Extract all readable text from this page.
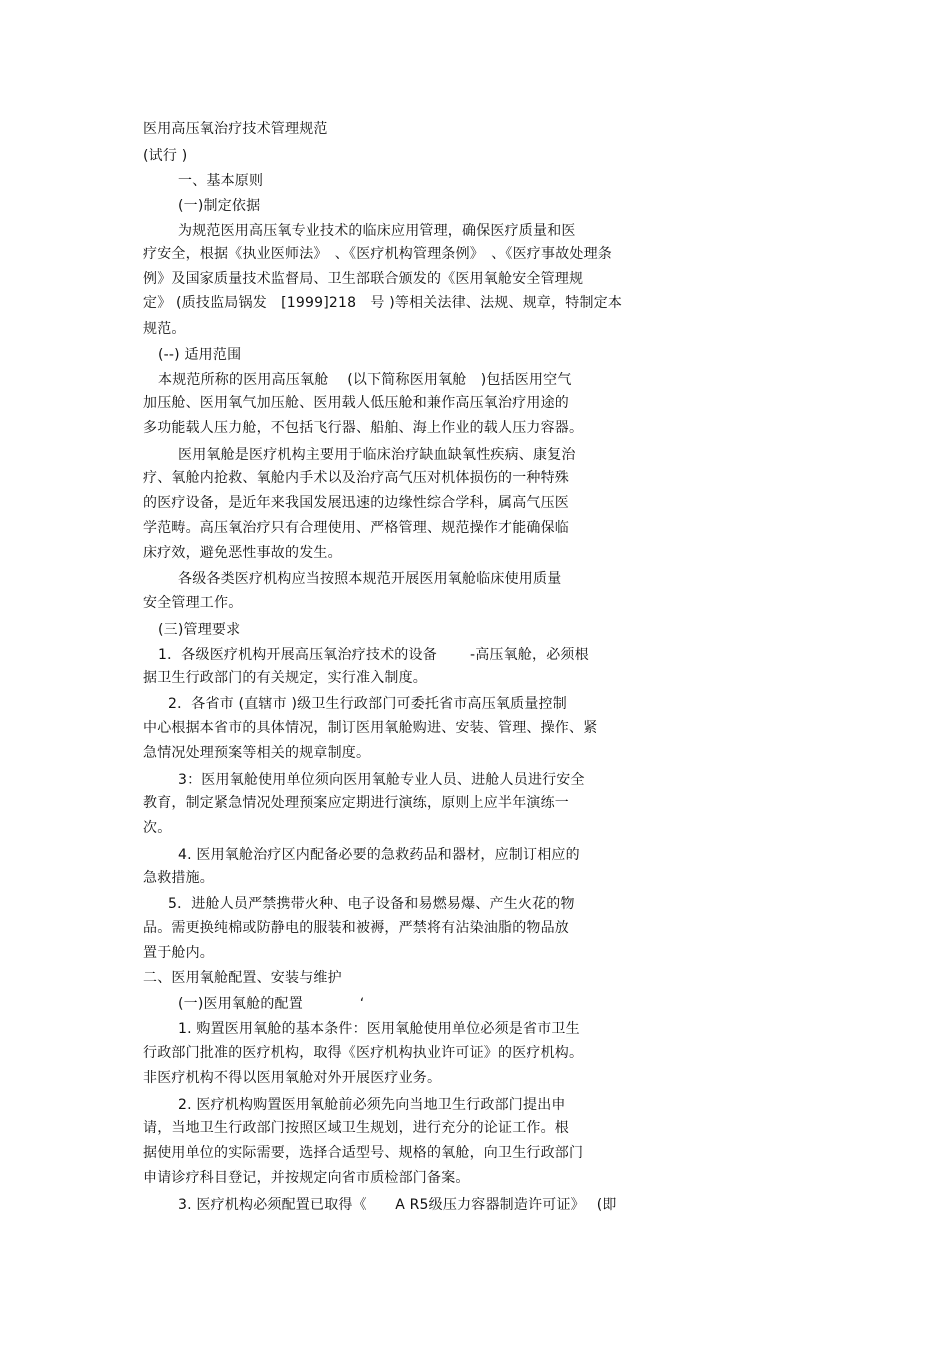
医用高压氧治疗技术管理规范
(试行 )
一、基本原则
(一)制定依据
为规范医用高压氧专业技术的临床应用管理，确保医疗质量和医
疗安全，根据《执业医师法》　、《医疗机构管理条例》　、《医疗事故处理条
例》及国家质量技术监督局、卫生部联合颁发的《医用氧舱安全管理规
定》 (质技监局锅发　[1999]218　号 )等相关法律、法规、规章，特制定本
规范。
(--) 适用范围
本规范所称的医用高压氧舱　 (以下简称医用氧舱　)包括医用空气
加压舱、医用氧气加压舱、医用载人低压舱和兼作高压氧治疗用途的
多功能载人压力舱，不包括飞行器、船舶、海上作业的载人压力容器。
医用氧舱是医疗机构主要用于临床治疗缺血缺氧性疾病、康复治
疗、氧舱内抢救、氧舱内手术以及治疗高气压对机体损伤的一种特殊
的医疗设备，是近年来我国发展迅速的边缘性综合学科，属高气压医
学范畴。高压氧治疗只有合理使用、严格管理、规范操作才能确保临
床疗效，避免恶性事故的发生。
各级各类医疗机构应当按照本规范开展医用氧舱临床使用质量
安全管理工作。
(三)管理要求
1．各级医疗机构开展高压氧治疗技术的设备　　 -高压氧舱，必须根
据卫生行政部门的有关规定，实行准入制度。
2．各省市 (直辖市 )级卫生行政部门可委托省市高压氧质量控制
中心根据本省市的具体情况，制订医用氧舱购进、安装、管理、操作、紧
急情况处理预案等相关的规章制度。
3：医用氧舱使用单位须向医用氧舱专业人员、进舱人员进行安全
教育，制定紧急情况处理预案应定期进行演练，原则上应半年演练一
次。
4. 医用氧舱治疗区内配备必要的急救药品和器材，应制订相应的
急救措施。
5．进舱人员严禁携带火种、电子设备和易燃易爆、产生火花的物
品。需更换纯棉或防静电的服装和被褥，严禁将有沾染油脂的物品放
置于舱内。
二、医用氧舱配置、安装与维护
(一)医用氧舱的配置　　　　‘
1. 购置医用氧舱的基本条件：医用氧舱使用单位必须是省市卫生
行政部门批准的医疗机构，取得《医疗机构执业许可证》的医疗机构。
非医疗机构不得以医用氧舱对外开展医疗业务。
2. 医疗机构购置医用氧舱前必须先向当地卫生行政部门提出申
请，当地卫生行政部门按照区域卫生规划，进行充分的论证工作。根
据使用单位的实际需要，选择合适型号、规格的氧舱，向卫生行政部门
申请诊疗科目登记，并按规定向省市质检部门备案。
3. 医疗机构必须配置已取得《　　A R5级压力容器制造许可证》　 (即
